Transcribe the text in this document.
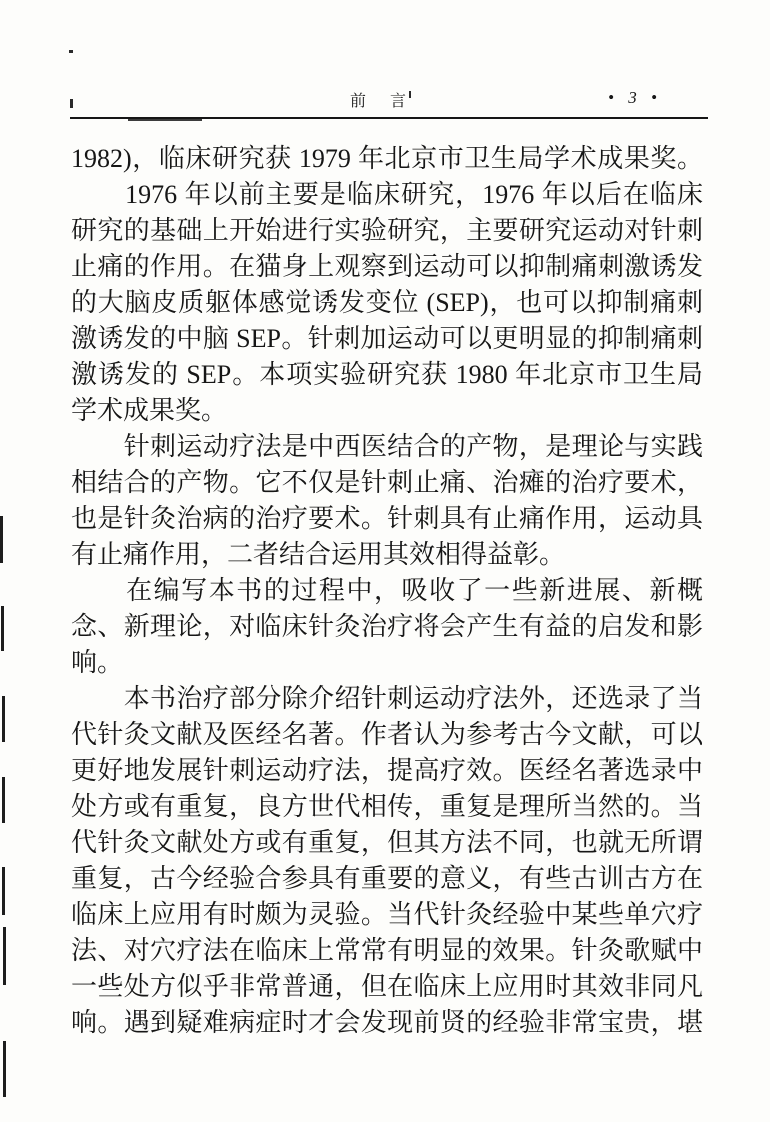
前　言	• 3 •
1982)，临床研究获 1979 年北京市卫生局学术成果奖。
　　1976 年以前主要是临床研究，1976 年以后在临床
研究的基础上开始进行实验研究，主要研究运动对针刺
止痛的作用。在猫身上观察到运动可以抑制痛刺激诱发
的大脑皮质躯体感觉诱发变位 (SEP)，也可以抑制痛刺
激诱发的中脑 SEP。针刺加运动可以更明显的抑制痛刺
激诱发的 SEP。本项实验研究获 1980 年北京市卫生局
学术成果奖。
　　针刺运动疗法是中西医结合的产物，是理论与实践
相结合的产物。它不仅是针刺止痛、治瘫的治疗要术，
也是针灸治病的治疗要术。针刺具有止痛作用，运动具
有止痛作用，二者结合运用其效相得益彰。
　　在编写本书的过程中，吸收了一些新进展、新概
念、新理论，对临床针灸治疗将会产生有益的启发和影
响。
　　本书治疗部分除介绍针刺运动疗法外，还选录了当
代针灸文献及医经名著。作者认为参考古今文献，可以
更好地发展针刺运动疗法，提高疗效。医经名著选录中
处方或有重复，良方世代相传，重复是理所当然的。当
代针灸文献处方或有重复，但其方法不同，也就无所谓
重复，古今经验合参具有重要的意义，有些古训古方在
临床上应用有时颇为灵验。当代针灸经验中某些单穴疗
法、对穴疗法在临床上常常有明显的效果。针灸歌赋中
一些处方似乎非常普通，但在临床上应用时其效非同凡
响。遇到疑难病症时才会发现前贤的经验非常宝贵，堪
